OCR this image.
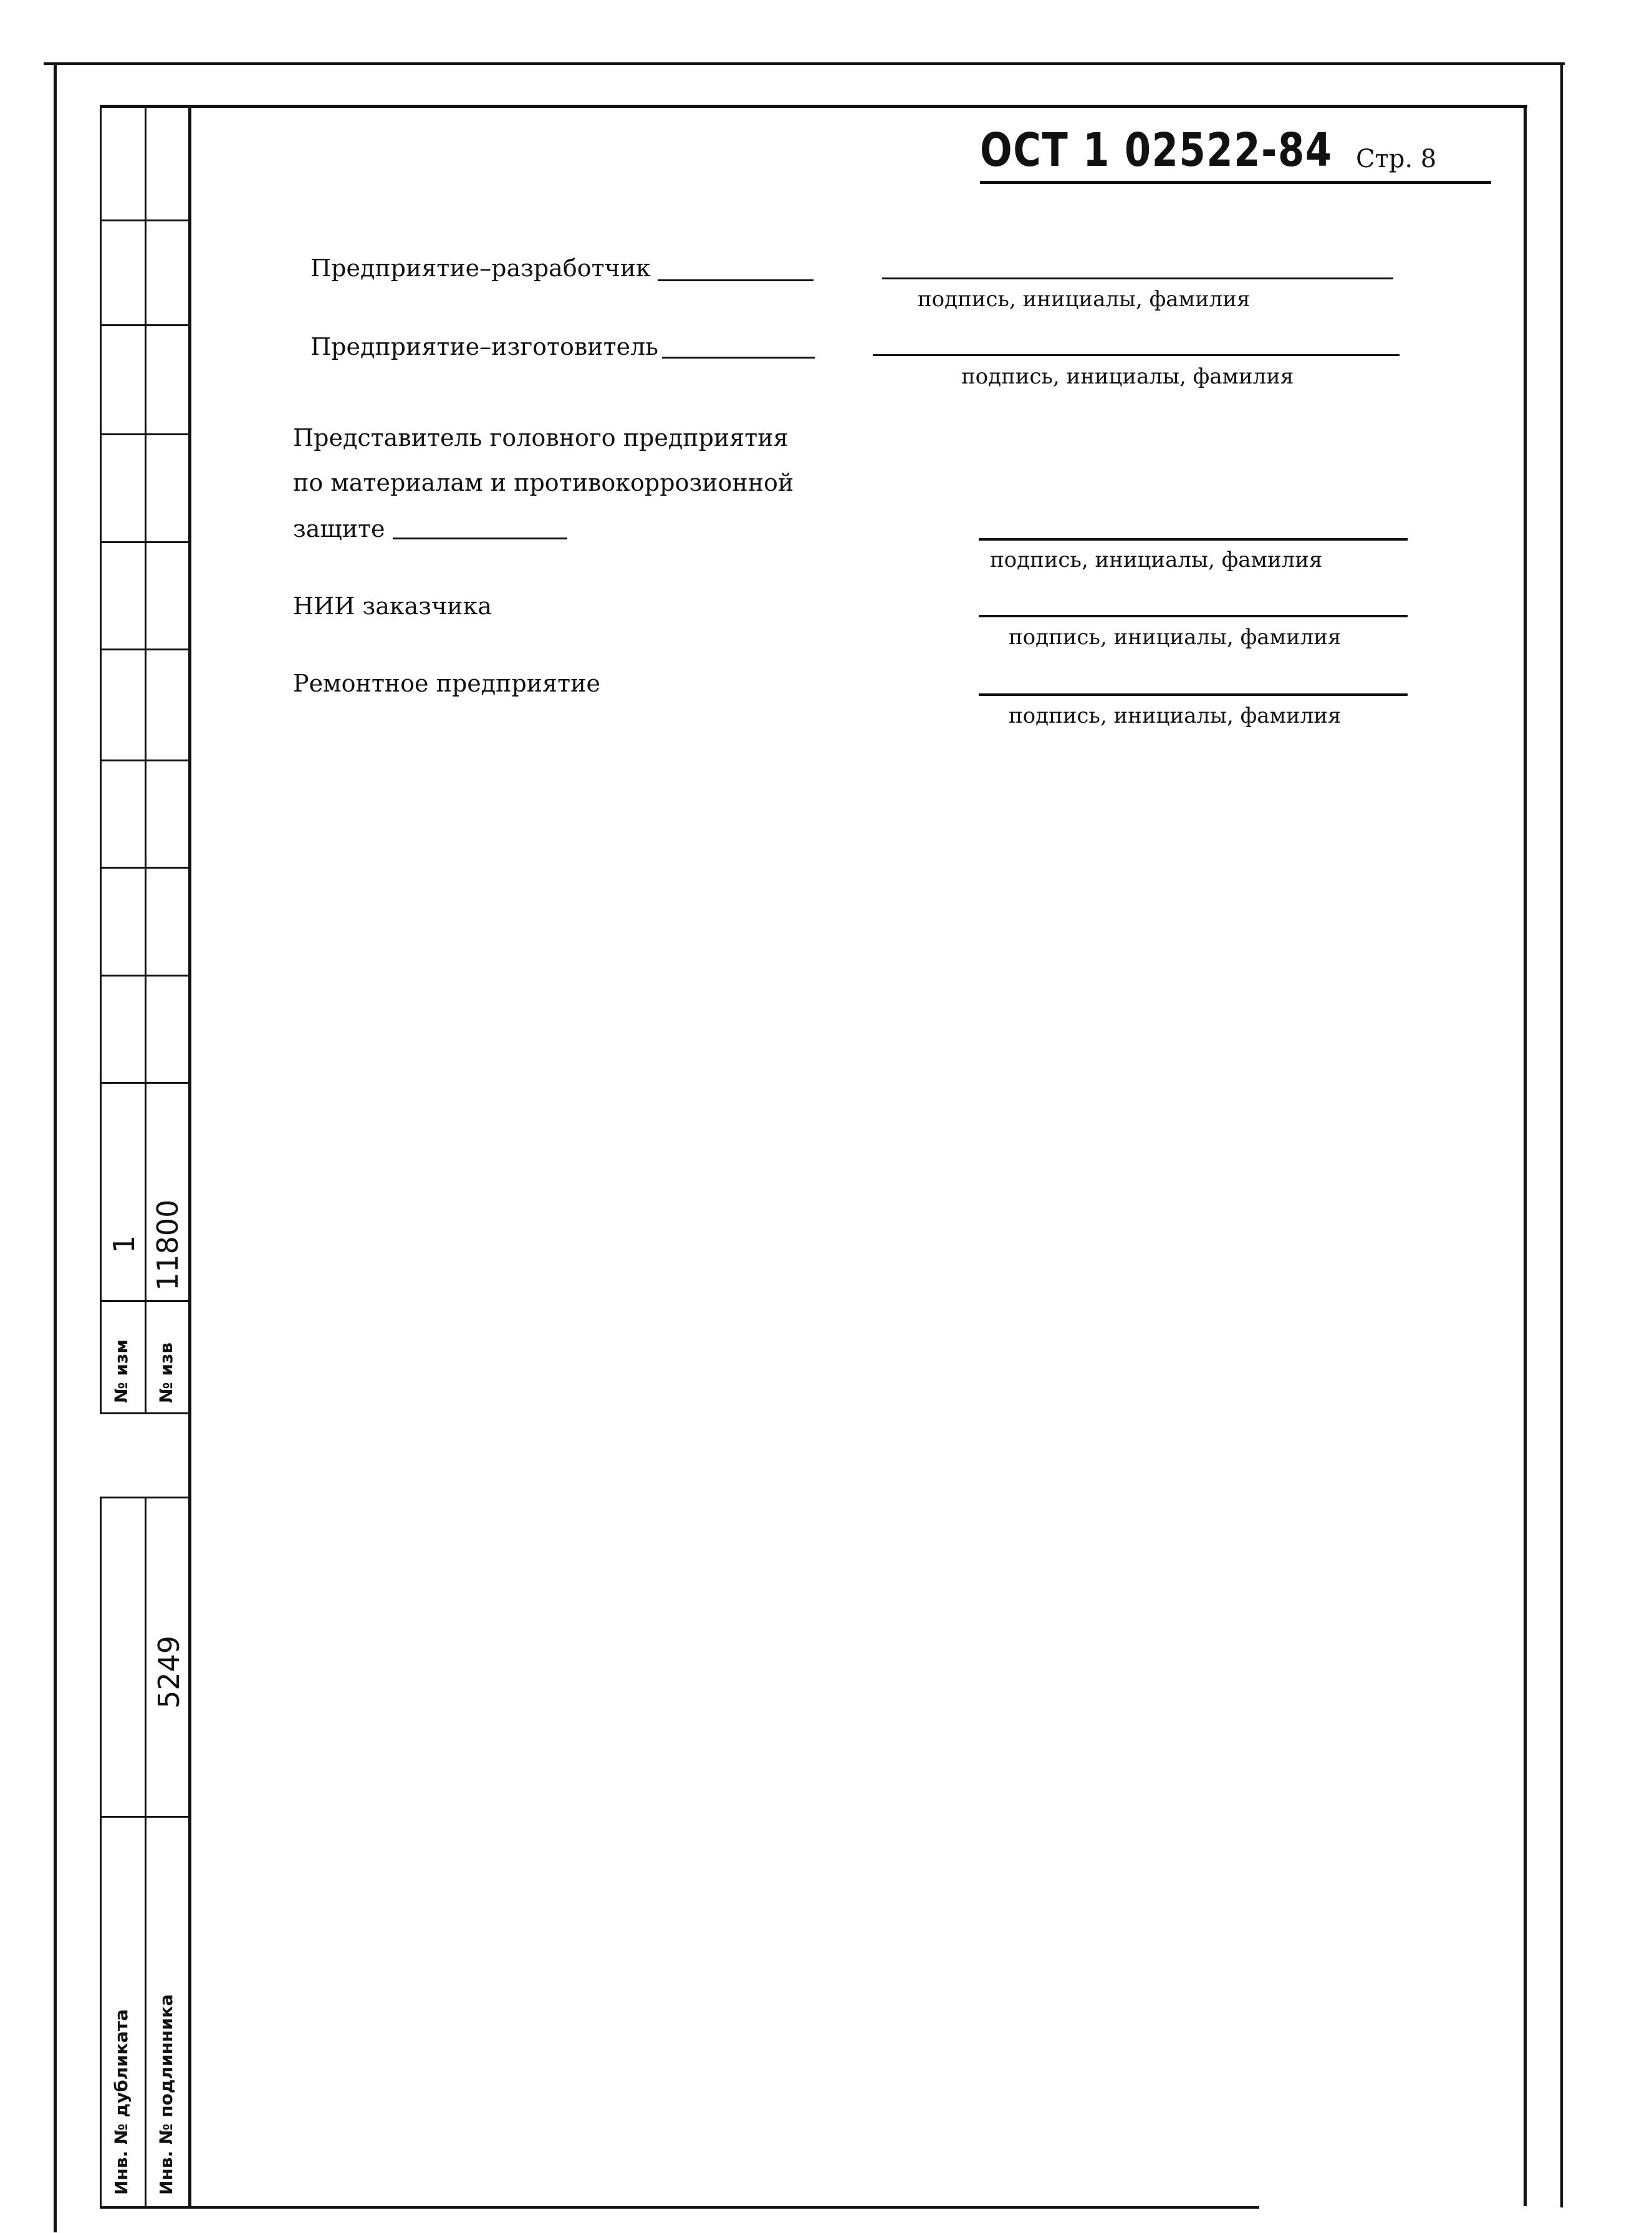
№ изм
1
№ изв
11800
Инв. № дубликата Инв. № подлинника
5249
ОСТ 1 02522-84 Стр. 8
Предприятие–разработчик
подпись, инициалы, фамилия
Предприятие–изготовитель
подпись, инициалы, фамилия
Представитель головного предприятия
по материалам и противокоррозионной
защите
подпись, инициалы, фамилия
НИИ заказчика
подпись, инициалы, фамилия
Ремонтное предприятие
подпись, инициалы, фамилия
